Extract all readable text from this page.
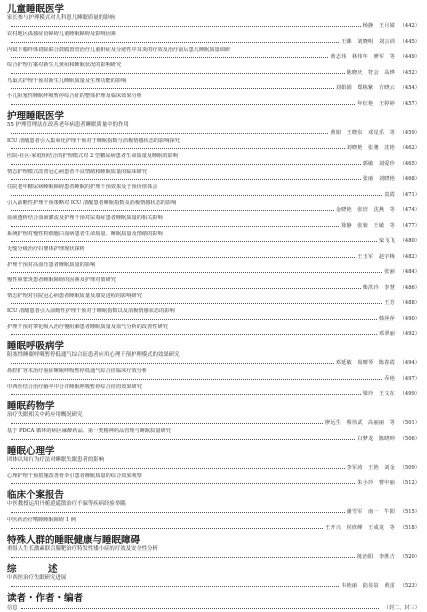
儿童睡眠医学
家长参与护理模式对儿科患儿睡眠质量的影响
杨静　王月婧 （442）
农村地区孤独症语障碍儿童睡眠障碍及影响因素
王眯　刘晓明　刘言训 （445）
内镜下腺样体切除联合鼓膜置管治疗儿童鼾症及分泌性中耳炎的疗效及治疗前后患儿睡眠质量调研
黄志伟　林伟年　廖军　等 （449）
综合护理方案对新生儿黄疸和睡眠状况的影响研究
陈晓庆　符会　高烨 （452）
鸟巢式护理干预对新生儿睡眠质量及生理功能的影响
刘娟娟　郑栋紫　方晓云 （454）
小儿阻塞性睡眠呼吸暂停综合征的整体护理及临床效果分析
年红艳　王婷婷 （457）
护理睡眠医学
55 护理管理法在改善老年病患者睡眠质量中的作用
黄娟　王晓东　邓星乐　等 （459）
ICU 清醒患者引入集束化护理干预对于睡眠指数与消极情感状态的影响探究
刘晓艳　张驰　沈艳 （462）
医院-社区-家庭相结合的护理模式对 2 型糖尿病患者生命质量及睡眠的影响
郭敏　刘爱珍 （465）
情志护理模式改善冠心病患者不良情绪和睡眠质量的临床研究
张丽　刘晓艳 （468）
住院老年糖尿病睡眠障碍患者睡眠的护理干预效果及于预价值体会
袁霞 （471）
引入前瞻性护理干预策略对 ICU 清醒患者睡眠指数及消极情感状态的影响
金晓艳　张培　沈燕　等 （474）
血液透析结合血液灌流及护理干预对尿毒症患者睡眠质量的相关影响
徐静　张菊　王敏　等 （477）
系统护理对慢性粒细胞白血病患者生命质量、睡眠质量及情绪的影响
栾飞飞 （480）
无缝分级治疗妇婴体护理现状探析
王玉军　赵宇梅 （482）
护理干预对高血压患者睡眠质量的影响
张丽 （484）
慢性鼻窦炎患者睡眠障碍的因素及护理对策研究
柴洪玲　李慧 （486）
情志护理对住院冠心病患者睡眠质量及康复进程的影响研究
王芳 （488）
ICU 清醒患者引入前瞻性护理干预对于睡眠指数以及消极情感状态的影响
韩萍萍 （490）
护理干预对睾化吸入治疗慢阻肺患者睡眠质量及血气分析的改善性研究
邓翠丽 （492）
睡眠呼吸病学
阻塞性睡眠呼吸暂停低通气综合征患者应用心理干预护理模式的效果研究
邓延敏　周晴琴　陈春霞 （494）
鼻腔扩容术治疗重症睡眠呼吸暂停低通气综合征临床疗效分析
乔艳 （497）
中西医结合治疗脑卒中合并睡眠呼吸暂停综合征的效果研究
梁玲　王文在 （499）
睡眠药物学
治疗失眠相关中药应用概况研究
廖远生　蔡伟武　高丽丽　等 （501）
基于 PDCA 循环的病区麻醉药品、第一类精神药品管理与睡眠质量研究
白梦龙　陈晓坤 （506）
睡眠心理学
团体认知行为疗法对睡眠失眠患者的影响
李军涛　王艳　刘金 （509）
心理护理干预措施改善骨伞引患者睡眠质量的综合效果观察
朱小玲　曹中丽 （512）
临床个案报告
中医教授运用丹栀逍遥散治疗不寐等疾病经验举隅
潘雪军　南一　牛阳 （515）
中医药治疗嗜睡睡眠障碍 1 例
王开兴　侯欣峰　王成龙　等 （518）
特殊人群的睡眠健康与睡眠障碍
重组人生长激素联合腺靶治疗特发性矮小症的疗效及安全性分析
陈治阳　李胜吉 （520）
综　述
中西医治疗失眠研究进展
韦艳丽　陆显泉　黄雷 （523）
读者・作者・编者
信息	（封二，封三）
